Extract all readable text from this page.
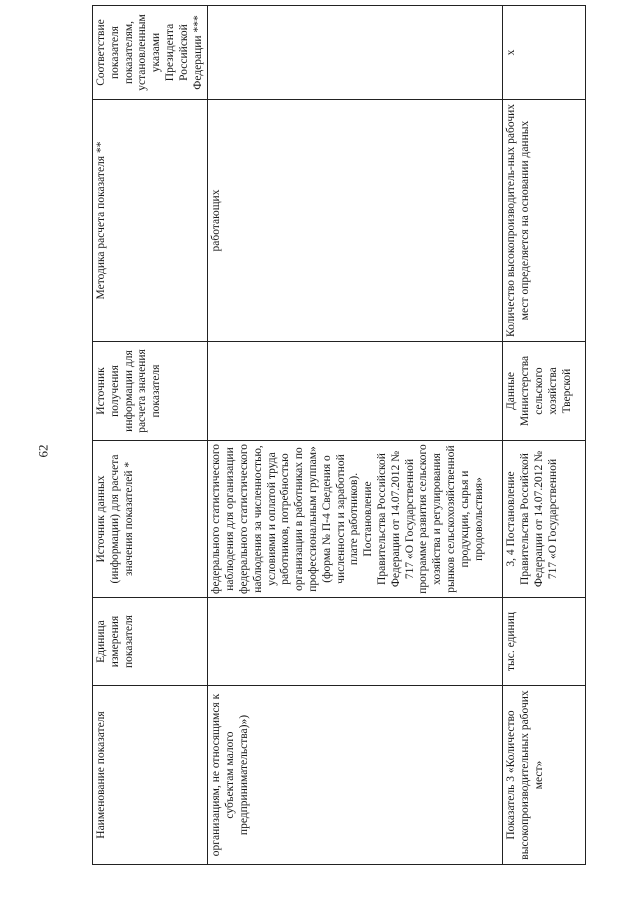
62
Наименование показателя	Единица измерения показателя	Источник данных (информации) для расчета значения показателей *	Источник получения информации для расчета значения показателя	Методика расчета показателя **	Соответствие показателя показателям, установленным указами Президента Российской Федерации ***
организациям, не относящимся к субъектам малого предпринимательства)»)		федерального статистического наблюдения для организации федерального статистического наблюдения за численностью, условиями и оплатой труда работников, потребностью организации в работниках по профессиональным группам» (форма № П-4 Сведения о численности и заработной плате работников). Постановление Правительства Российской Федерации от 14.07.2012 № 717 «О Государственной программе развития сельского хозяйства и регулирования рынков сельскохозяйственной продукции, сырья и продовольствия»		работающих	
Показатель 3 «Количество высокопроизводительных рабочих мест»	тыс. единиц	3, 4 Постановление Правительства Российской Федерации от 14.07.2012 № 717 «О Государственной	Данные Министерства сельского хозяйства Тверской	Количество высокопроизводитель-ных рабочих мест определяется на основании данных	x
